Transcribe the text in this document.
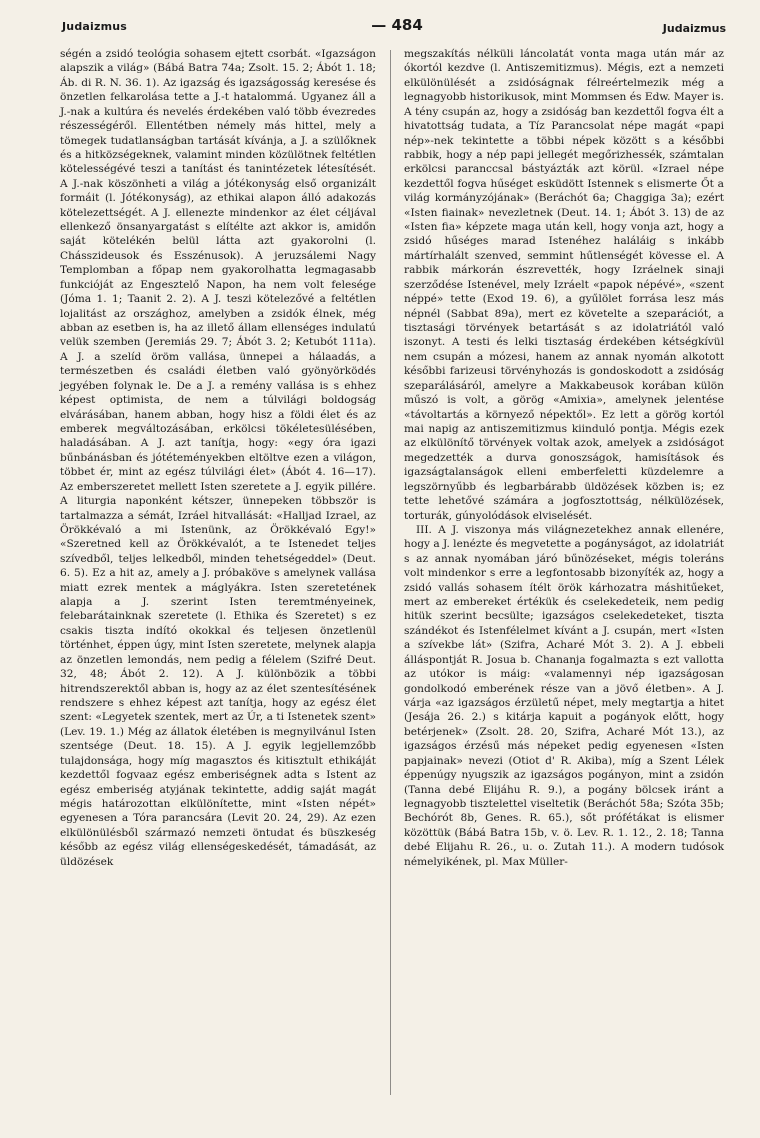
Judaizmus	— 484	Judaizmus

ségén a zsidó teológia sohasem ejtett csorbát. «Igazságon alapszik a világ» (Bábá Batra 74a; Zsolt. 15. 2; Ábót 1. 18; Áb. di R. N. 36. 1). Az igazság és igazságosság keresése és önzetlen felkarolása tette a J.-t hatalommá. Ugyanez áll a J.-nak a kultúra és nevelés érdekében való több évezredes részességéről. Ellentétben némely más hittel, mely a tömegek tudatlanságban tartását kívánja, a J. a szülőknek és a hitközségeknek, valamint minden közülötnek feltétlen kötelességévé teszi a tanítást és tanintézetek létesítését. A J.-nak köszönheti a világ a jótékonyság első organizált formáit (l. Jótékonyság), az ethikai alapon álló adakozás kötelezettségét. A J. ellenezte mindenkor az élet céljával ellenkező önsanyargatást s elítélte azt akkor is, amidőn saját kötelékén belül látta azt gyakorolni (l. Chásszideusok és Esszénusok). A jeruzsálemi Nagy Templomban a főpap nem gyakorolhatta legmagasabb funkcióját az Engesztelő Napon, ha nem volt felesége (Jóma 1. 1; Taanit 2. 2). A J. teszi kötelezővé a feltétlen lojalitást az országhoz, amelyben a zsidók élnek, még abban az esetben is, ha az illető állam ellenséges indulatú velük szemben (Jeremiás 29. 7; Ábót 3. 2; Ketubót 111a). A J. a szelíd öröm vallása, ünnepei a hálaadás, a természetben és családi életben való gyönyörködés jegyében folynak le. De a J. a remény vallása is s ehhez képest optimista, de nem a túlvilági boldogság elvárásában, hanem abban, hogy hisz a földi élet és az emberek megváltozásában, erkölcsi tökéletesülésében, haladásában. A J. azt tanítja, hogy: «egy óra igazi bűnbánásban és jótéteményekben eltöltve ezen a világon, többet ér, mint az egész túlvilági élet» (Ábót 4. 16—17). Az emberszeretet mellett Isten szeretete a J. egyik pillére. A liturgia naponként kétszer, ünnepeken többször is tartalmazza a sémát, Izráel hitvallását: «Halljad Izrael, az Örökkévaló a mi Istenünk, az Örökkévaló Egy!» «Szeretned kell az Örökkévalót, a te Istenedet teljes szívedből, teljes lelkedből, minden tehetségeddel» (Deut. 6. 5). Ez a hit az, amely a J. próbaköve s amelynek vallása miatt ezrek mentek a máglyákra. Isten szeretetének alapja a J. szerint Isten teremtményeinek, felebarátainknak szeretete (l. Ethika és Szeretet) s ez csakis tiszta indító okokkal és teljesen önzetlenül történhet, éppen úgy, mint Isten szeretete, melynek alapja az önzetlen lemondás, nem pedig a félelem (Szifré Deut. 32, 48; Ábót 2. 12). A J. különbözik a többi hitrendszerektől abban is, hogy az az élet szentesítésének rendszere s ehhez képest azt tanítja, hogy az egész élet szent: «Legyetek szentek, mert az Úr, a ti Istenetek szent» (Lev. 19. 1.) Még az állatok életében is megnyilvánul Isten szentsége (Deut. 18. 15). A J. egyik legjellemzőbb tulajdonsága, hogy míg magasztos és kitisztult ethikáját kezdettől fogvaaz egész emberiségnek adta s Istent az egész emberiség atyjának tekintette, addig saját magát mégis határozottan elkülönítette, mint «Isten népét» egyenesen a Tóra parancsára (Levit 20. 24, 29). Az ezen elkülönülésből származó nemzeti öntudat és büszkeség később az egész világ ellenségeskedését, támadását, az üldözések

megszakítás nélküli láncolatát vonta maga után már az ókortól kezdve (l. Antiszemitizmus). Mégis, ezt a nemzeti elkülönülését a zsidóságnak félreértelmezik még a legnagyobb historikusok, mint Mommsen és Edw. Mayer is. A tény csupán az, hogy a zsidóság ban kezdettől fogva élt a hivatottság tudata, a Tíz Parancsolat népe magát «papi nép»-nek tekintette a többi népek között s a későbbi rabbik, hogy a nép papi jellegét megőrizhessék, számtalan erkölcsi paranccsal bástyázták azt körül. «Izrael népe kezdettől fogva hűséget esküdött Istennek s elismerte Őt a világ kormányzójának» (Beráchót 6a; Chaggiga 3a); ezért «Isten fiainak» nevezletnek (Deut. 14. 1; Ábót 3. 13) de az «Isten fia» képzete maga után kell, hogy vonja azt, hogy a zsidó hűséges marad Istenéhez haláláig s inkább mártírhalált szenved, semmint hűtlenségét kövesse el. A rabbik márkorán észrevették, hogy Izráelnek sinaji szerződése Istenével, mely Izráelt «papok népévé», «szent néppé» tette (Exod 19. 6), a gyűlölet forrása lesz más népnél (Sabbat 89a), mert ez követelte a szeparációt, a tisztasági törvények betartását s az idolatriától való iszonyt. A testi és lelki tisztaság érdekében kétségkívül nem csupán a mózesi, hanem az annak nyomán alkotott későbbi farizeusi törvényhozás is gondoskodott a zsidóság szeparálásáról, amelyre a Makkabeusok korában külön műszó is volt, a görög «Amixia», amelynek jelentése «távoltartás a környező népektől». Ez lett a görög kortól mai napig az antiszemitizmus kiinduló pontja. Mégis ezek az elkülönítő törvények voltak azok, amelyek a zsidóságot megedzették a durva gonoszságok, hamisítások és igazságtalanságok elleni emberfeletti küzdelemre a legszörnyűbb és legbarbárabb üldözések közben is; ez tette lehetővé számára a jogfosztottság, nélkülözések, torturák, gúnyolódások elviselését.

III. A J. viszonya más világnezetekhez annak ellenére, hogy a J. lenézte és megvetette a pogányságot, az idolatriát s az annak nyomában járó bűnözéseket, mégis toleráns volt mindenkor s erre a legfontosabb bizonyíték az, hogy a zsidó vallás sohasem ítélt örök kárhozatra máshitűeket, mert az embereket értékük és cselekedeteik, nem pedig hitük szerint becsülte; igazságos cselekedeteket, tiszta szándékot és Istenfélelmet kívánt a J. csupán, mert «Isten a szívekbe lát» (Szifra, Acharé Mót 3. 2). A J. ebbeli álláspontját R. Josua b. Chananja fogalmazta s ezt vallotta az utókor is máig: «valamennyi nép igazságosan gondolkodó emberének része van a jövő életben». A J. várja «az igazságos érzületű népet, mely megtartja a hitet (Jesája 26. 2.) s kitárja kapuit a pogányok előtt, hogy betérjenek» (Zsolt. 28. 20, Szifra, Acharé Mót 13.), az igazságos érzésű más népeket pedig egyenesen «Isten papjainak» nevezi (Otiot d' R. Akiba), míg a Szent Lélek éppenúgy nyugszik az igazságos pogányon, mint a zsidón (Tanna debé Elijáhu R. 9.), a pogány bölcsek iránt a legnagyobb tisztelettel viseltetik (Beráchót 58a; Szóta 35b; Bechórót 8b, Genes. R. 65.), sőt prófétákat is elismer közöttük (Bábá Batra 15b, v. ö. Lev. R. 1. 12., 2. 18; Tanna debé Elijahu R. 26., u. o. Zutah 11.). A modern tudósok némelyikének, pl. Max Müller-
